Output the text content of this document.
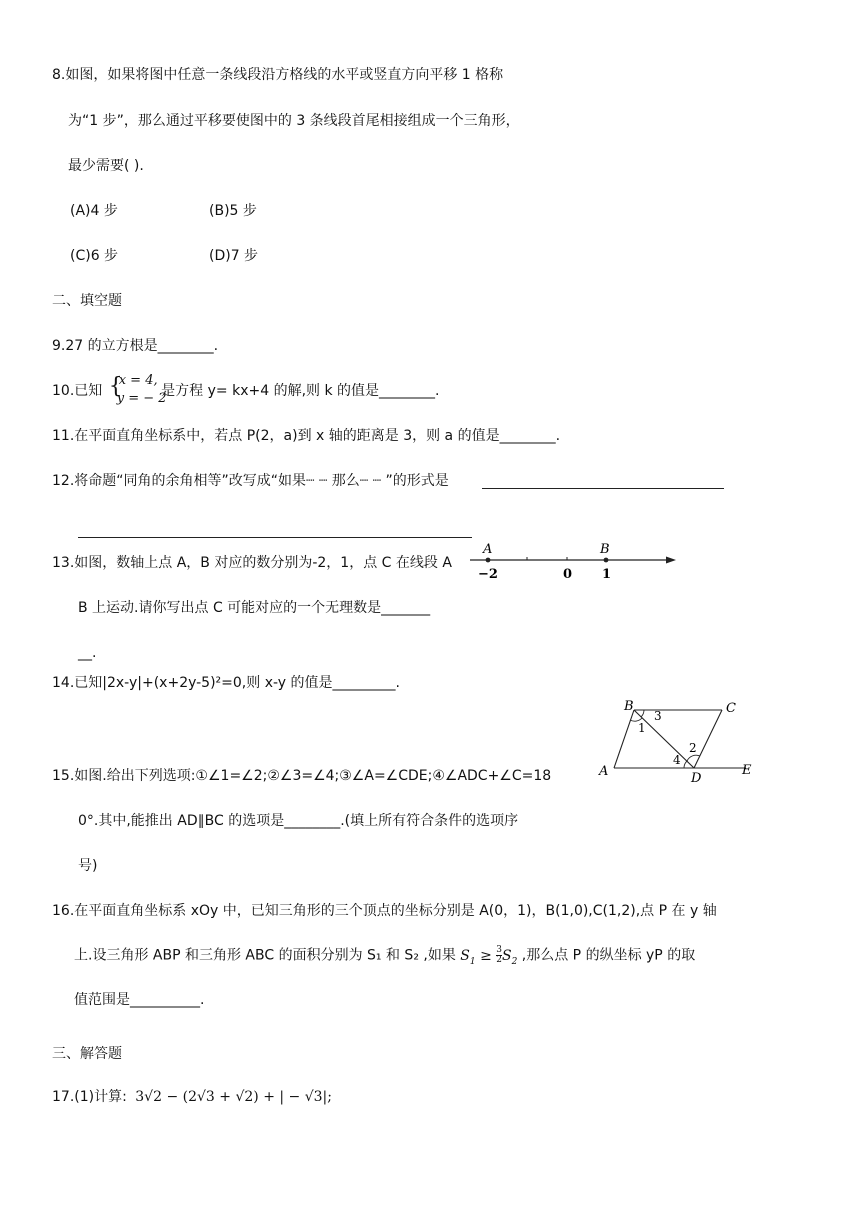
8.如图，如果将图中任意一条线段沿方格线的水平或竖直方向平移 1 格称
为“1 步”，那么通过平移要使图中的 3 条线段首尾相接组成一个三角形，
最少需要( ).
(A)4 步	(B)5 步
(C)6 步	(D)7 步
二、填空题
9.27 的立方根是________.
10.已知 {
x = 4,
y = − 2
是方程 y= kx+4 的解,则 k 的值是________.
11.在平面直角坐标系中，若点 P(2，a)到 x 轴的距离是 3，则 a 的值是________.
12.将命题“同角的余角相等”改写成“如果┈ ┈ 那么┈ ┈ ”的形式是
13.如图，数轴上点 A，B 对应的数分别为-2，1，点 C 在线段 A
B 上运动.请你写出点 C 可能对应的一个无理数是_______
__.
A	B
−2	0 1
14.已知|2x-y|+(x+2y-5)²=0,则 x-y 的值是_________.
15.如图.给出下列选项:①∠1=∠2;②∠3=∠4;③∠A=∠CDE;④∠ADC+∠C=18
0°.其中,能推出 AD∥BC 的选项是________.(填上所有符合条件的选项序
号)
B	C
A	D
E
1
3
2
4
16.在平面直角坐标系 xOy 中，已知三角形的三个顶点的坐标分别是 A(0，1)，B(1,0),C(1,2),点 P 在 y 轴
上.设三角形 ABP 和三角形 ABC 的面积分别为 S₁ 和 S₂ ,如果 $S_1 \ge \frac{3}{2} S_2$ ,那么点 P 的纵坐标 yP 的取
值范围是__________.
三、解答题
17.(1)计算: 3√2 − (2√3 + √2) + | − √3|;
